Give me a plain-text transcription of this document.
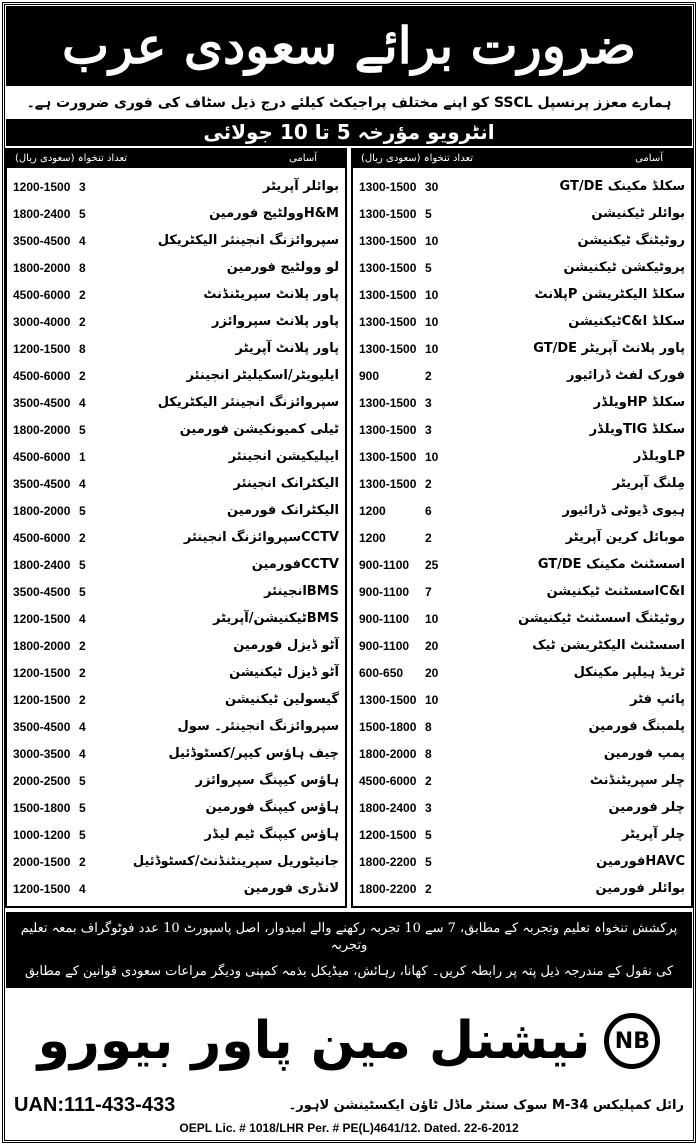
ضرورت برائے سعودی عرب
ہمارے معزز پرنسپل SSCL کو اپنے مختلف پراجیکٹ کیلئے درج ذیل سٹاف کی فوری ضرورت ہے۔
انٹرویو مؤرخہ 5 تا 10 جولائی
تعداد تنخواہ (سعودی ریال)	آسامی
1200-1500 3	بوائلر آپریٹر
1800-2400 5	H&Mوولٹیج فورمین
3500-4500 4	سپروائزنگ انجینئر الیکٹریکل
1800-2000 8	لو وولٹیج فورمین
4500-6000 2	پاور پلانٹ سپریٹنڈنٹ
3000-4000 2	پاور پلانٹ سپروائزر
1200-1500 8	پاور پلانٹ آپریٹر
4500-6000 2	ایلیویٹر/اسکیلیٹر انجینئر
3500-4500 4	سپروائزنگ انجینئر الیکٹریکل
1800-2000 5	ٹیلی کمیونکیشن فورمین
4500-6000 1	ایپلیکیشن انجینئر
3500-4500 4	الیکٹرانک انجینئر
1800-2000 5	الیکٹرانک فورمین
4500-6000 2	CCTVسپروائزنگ انجینئر
1800-2400 5	CCTVفورمین
3500-4500 5	BMSانجینئر
1200-1500 4	BMSٹیکنیشن/آپریٹر
1800-2000 2	آٹو ڈیزل فورمین
1200-1500 2	آٹو ڈیزل ٹیکنیشن
1200-1500 2	گیسولین ٹیکنیشن
3500-4500 4	سپروائزنگ انجینئر۔ سول
3000-3500 4	چیف ہاؤس کیپر/کسٹوڈئیل
2000-2500 5	ہاؤس کیپنگ سپروائزر
1500-1800 5	ہاؤس کیپنگ فورمین
1000-1200 5	ہاؤس کیپنگ ٹیم لیڈر
2000-1500 2	جانیٹوریل سپرینٹنڈنٹ/کسٹوڈئیل
1200-1500 4	لانڈری فورمین
تعداد تنخواہ (سعودی ریال)	آسامی
1300-1500 30	سکلڈ مکینک GT/DE
1300-1500 5	بوائلر ٹیکنیشن
1300-1500 10	روٹیٹنگ ٹیکنیشن
1300-1500 5	پروٹیکشن ٹیکنیشن
1300-1500 10	سکلڈ الیکٹریشن Pپلانٹ
1300-1500 10	سکلڈ C&Iٹیکنیشن
1300-1500 10	پاور پلانٹ آپریٹر GT/DE
900	2	فورک لفٹ ڈرائیور
1300-1500 3	سکلڈ HPویلڈر
1300-1500 3	سکلڈ TIGویلڈر
1300-1500 10	LPویلڈر
1300-1500 2	مِلنگ آپریٹر
1200	6	ہیوی ڈیوٹی ڈرائیور
1200	2	موبائل کرین آپریٹر
900-1100	25	اسسٹنٹ مکینک GT/DE
900-1100	7	C&Iاسسٹنٹ ٹیکنیشن
900-1100	10	روٹیٹنگ اسسٹنٹ ٹیکنیشن
900-1100	20	اسسٹنٹ الیکٹریشن ٹیک
600-650	20	ٹریڈ ہیلپر مکینکل
1300-1500 10	پائپ فٹر
1500-1800 8	پلمبنگ فورمین
1800-2000 8	پمپ فورمین
4500-6000 2	چلر سپریٹنڈنٹ
1800-2400 3	چلر فورمین
1200-1500 5	چلر آپریٹر
1800-2200 5	HAVCفورمین
1800-2200 2	بوائلر فورمین
پرکشش تنخواہ تعلیم وتجربہ کے مطابق، 7 سے 10 تجربہ رکھنے والے امیدوار، اصل پاسپورٹ 10 عدد فوٹوگراف بمعہ تعلیم وتجربہ
کی نقول کے مندرجہ ذیل پتہ پر رابطہ کریں۔ کھانا، رہائش، میڈیکل بذمہ کمپنی ودیگر مراعات سعودی قوانین کے مطابق
نیشنل مین پاور بیورو	NB
UAN:111-433-433	رائل کمپلیکس M-34 سوک سنٹر ماڈل ٹاؤن ایکسٹینشن لاہور۔
OEPL Lic. # 1018/LHR Per. # PE(L)4641/12. Dated. 22-6-2012
